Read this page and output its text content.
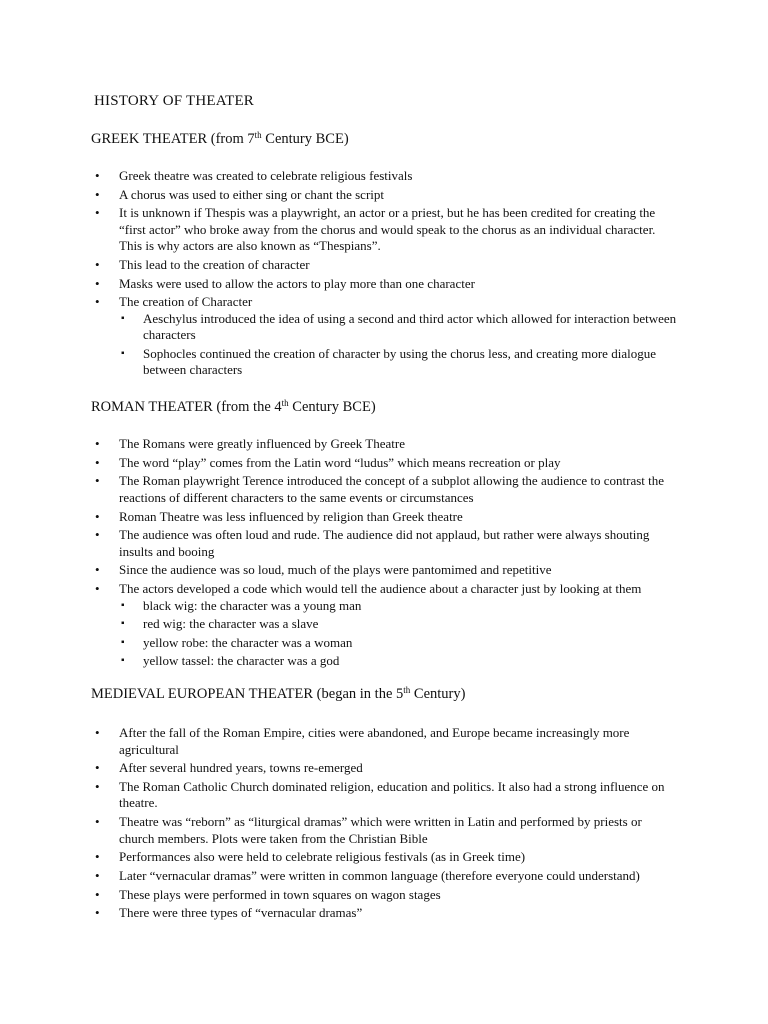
HISTORY OF THEATER
GREEK THEATER (from 7th Century BCE)
• Greek theatre was created to celebrate religious festivals
• A chorus was used to either sing or chant the script
• It is unknown if Thespis was a playwright, an actor or a priest, but he has been credited for creating the “first actor” who broke away from the chorus and would speak to the chorus as an individual character. This is why actors are also known as “Thespians”.
• This lead to the creation of character
• Masks were used to allow the actors to play more than one character
• The creation of Character
▪ Aeschylus introduced the idea of using a second and third actor which allowed for interaction between characters
▪ Sophocles continued the creation of character by using the chorus less, and creating more dialogue between characters
ROMAN THEATER (from the 4th Century BCE)
• The Romans were greatly influenced by Greek Theatre
• The word “play” comes from the Latin word “ludus” which means recreation or play
• The Roman playwright Terence introduced the concept of a subplot allowing the audience to contrast the reactions of different characters to the same events or circumstances
• Roman Theatre was less influenced by religion than Greek theatre
• The audience was often loud and rude. The audience did not applaud, but rather were always shouting insults and booing
• Since the audience was so loud, much of the plays were pantomimed and repetitive
• The actors developed a code which would tell the audience about a character just by looking at them
▪ black wig: the character was a young man
▪ red wig: the character was a slave
▪ yellow robe: the character was a woman
▪ yellow tassel: the character was a god
MEDIEVAL EUROPEAN THEATER (began in the 5th Century)
• After the fall of the Roman Empire, cities were abandoned, and Europe became increasingly more agricultural
• After several hundred years, towns re-emerged
• The Roman Catholic Church dominated religion, education and politics. It also had a strong influence on theatre.
• Theatre was “reborn” as “liturgical dramas” which were written in Latin and performed by priests or church members. Plots were taken from the Christian Bible
• Performances also were held to celebrate religious festivals (as in Greek time)
• Later “vernacular dramas” were written in common language (therefore everyone could understand)
• These plays were performed in town squares on wagon stages
• There were three types of “vernacular dramas”
